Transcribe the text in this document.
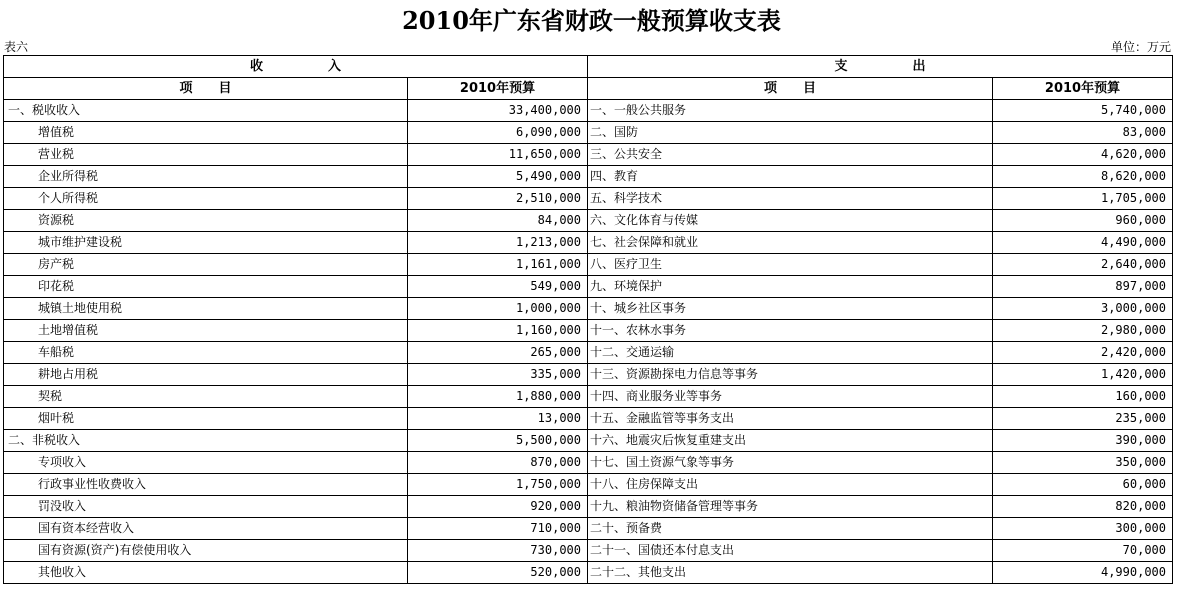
2010年广东省财政一般预算收支表
表六	单位：万元
收　　　　　入		支　　　　　出	
项　　目	2010年预算	项　　目	2010年预算
一、税收收入	33,400,000	一、一般公共服务	5,740,000
增值税	6,090,000	二、国防	83,000
营业税	11,650,000	三、公共安全	4,620,000
企业所得税	5,490,000	四、教育	8,620,000
个人所得税	2,510,000	五、科学技术	1,705,000
资源税	84,000	六、文化体育与传媒	960,000
城市维护建设税	1,213,000	七、社会保障和就业	4,490,000
房产税	1,161,000	八、医疗卫生	2,640,000
印花税	549,000	九、环境保护	897,000
城镇土地使用税	1,000,000	十、城乡社区事务	3,000,000
土地增值税	1,160,000	十一、农林水事务	2,980,000
车船税	265,000	十二、交通运输	2,420,000
耕地占用税	335,000	十三、资源勘探电力信息等事务	1,420,000
契税	1,880,000	十四、商业服务业等事务	160,000
烟叶税	13,000	十五、金融监管等事务支出	235,000
二、非税收入	5,500,000	十六、地震灾后恢复重建支出	390,000
专项收入	870,000	十七、国土资源气象等事务	350,000
行政事业性收费收入	1,750,000	十八、住房保障支出	60,000
罚没收入	920,000	十九、粮油物资储备管理等事务	820,000
国有资本经营收入	710,000	二十、预备费	300,000
国有资源(资产)有偿使用收入	730,000	二十一、国债还本付息支出	70,000
其他收入	520,000	二十二、其他支出	4,990,000
